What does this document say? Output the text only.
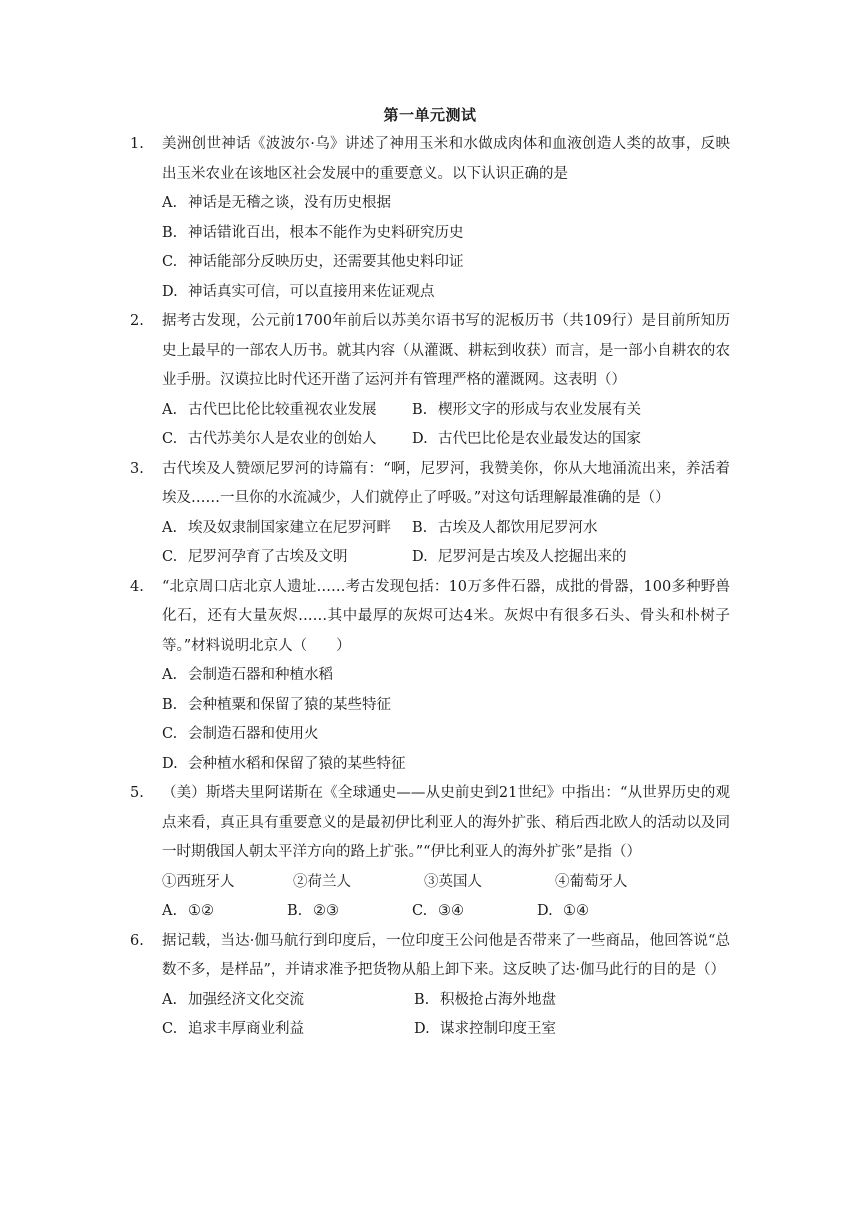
第一单元测试
1. 美洲创世神话《波波尔·乌》讲述了神用玉米和水做成肉体和血液创造人类的故事，反映出玉米农业在该地区社会发展中的重要意义。以下认识正确的是
A. 神话是无稽之谈，没有历史根据
B. 神话错讹百出，根本不能作为史料研究历史
C. 神话能部分反映历史，还需要其他史料印证
D. 神话真实可信，可以直接用来佐证观点
2. 据考古发现，公元前1700年前后以苏美尔语书写的泥板历书（共109行）是目前所知历史上最早的一部农人历书。就其内容（从灌溉、耕耘到收获）而言，是一部小自耕农的农业手册。汉谟拉比时代还开凿了运河并有管理严格的灌溉网。这表明（）
A. 古代巴比伦比较重视农业发展	B. 楔形文字的形成与农业发展有关
C. 古代苏美尔人是农业的创始人	D. 古代巴比伦是农业最发达的国家
3. 古代埃及人赞颂尼罗河的诗篇有：“啊，尼罗河，我赞美你，你从大地涌流出来，养活着埃及……一旦你的水流减少，人们就停止了呼吸。”对这句话理解最准确的是（）
A. 埃及奴隶制国家建立在尼罗河畔	B. 古埃及人都饮用尼罗河水
C. 尼罗河孕育了古埃及文明	D. 尼罗河是古埃及人挖掘出来的
4. “北京周口店北京人遗址……考古发现包括：10万多件石器，成批的骨器，100多种野兽化石，还有大量灰烬……其中最厚的灰烬可达4米。灰烬中有很多石头、骨头和朴树子等。”材料说明北京人（　　）
A. 会制造石器和种植水稻
B. 会种植粟和保留了猿的某些特征
C. 会制造石器和使用火
D. 会种植水稻和保留了猿的某些特征
5. （美）斯塔夫里阿诺斯在《全球通史——从史前史到21世纪》中指出：“从世界历史的观点来看，真正具有重要意义的是最初伊比利亚人的海外扩张、稍后西北欧人的活动以及同一时期俄国人朝太平洋方向的路上扩张。”“伊比利亚人的海外扩张”是指（）
①西班牙人	②荷兰人	③英国人	④葡萄牙人
A. ①②	B. ②③	C. ③④	D. ①④
6. 据记载，当达·伽马航行到印度后，一位印度王公问他是否带来了一些商品，他回答说“总数不多，是样品”，并请求准予把货物从船上卸下来。这反映了达·伽马此行的目的是（）
A. 加强经济文化交流	B. 积极抢占海外地盘
C. 追求丰厚商业利益	D. 谋求控制印度王室
